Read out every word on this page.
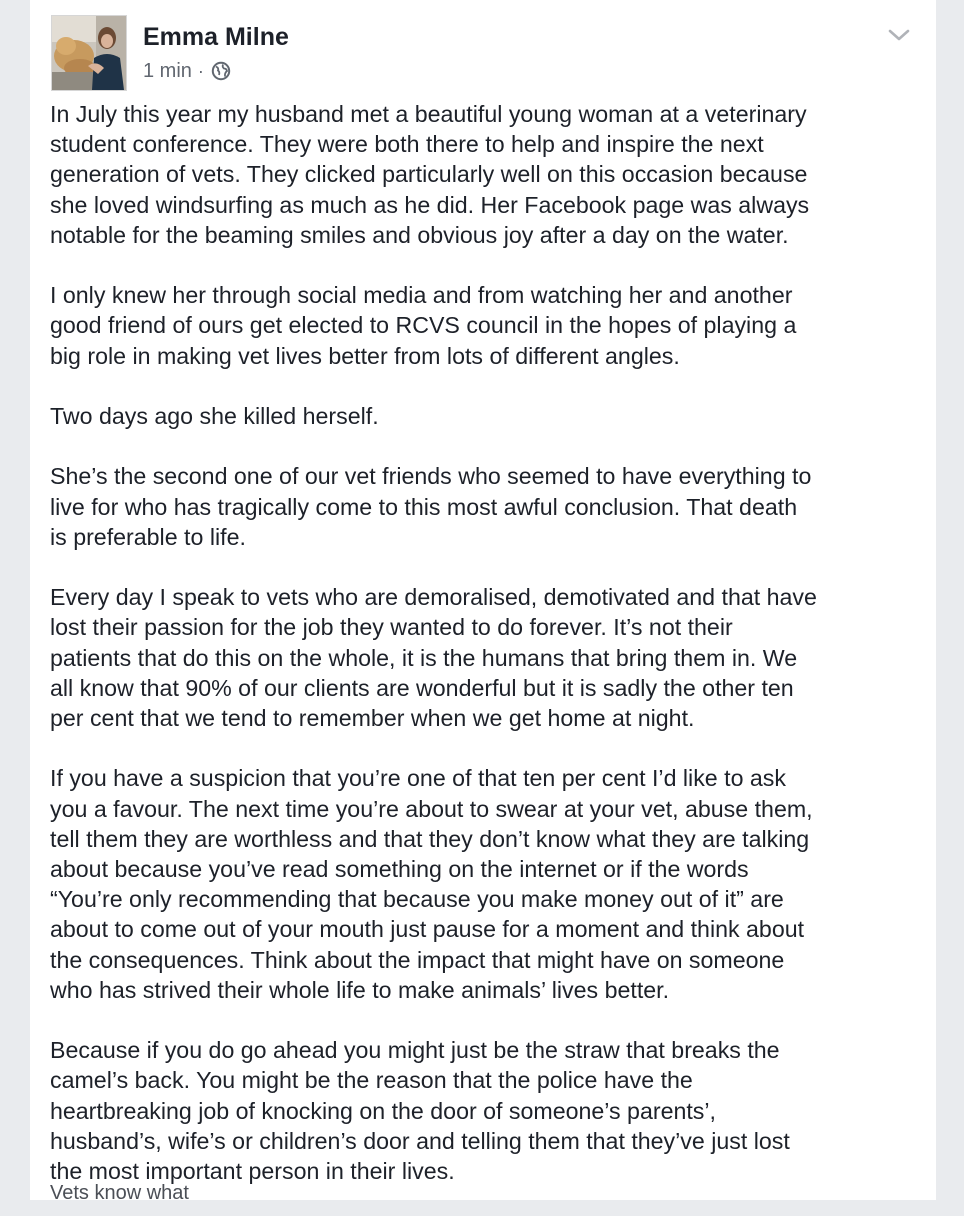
Emma Milne
1 min ·

In July this year my husband met a beautiful young woman at a veterinary
student conference. They were both there to help and inspire the next
generation of vets. They clicked particularly well on this occasion because
she loved windsurfing as much as he did. Her Facebook page was always
notable for the beaming smiles and obvious joy after a day on the water.

I only knew her through social media and from watching her and another
good friend of ours get elected to RCVS council in the hopes of playing a
big role in making vet lives better from lots of different angles.

Two days ago she killed herself.

She’s the second one of our vet friends who seemed to have everything to
live for who has tragically come to this most awful conclusion. That death
is preferable to life.

Every day I speak to vets who are demoralised, demotivated and that have
lost their passion for the job they wanted to do forever. It’s not their
patients that do this on the whole, it is the humans that bring them in. We
all know that 90% of our clients are wonderful but it is sadly the other ten
per cent that we tend to remember when we get home at night.

If you have a suspicion that you’re one of that ten per cent I’d like to ask
you a favour. The next time you’re about to swear at your vet, abuse them,
tell them they are worthless and that they don’t know what they are talking
about because you’ve read something on the internet or if the words
“You’re only recommending that because you make money out of it” are
about to come out of your mouth just pause for a moment and think about
the consequences. Think about the impact that might have on someone
who has strived their whole life to make animals’ lives better.

Because if you do go ahead you might just be the straw that breaks the
camel’s back. You might be the reason that the police have the
heartbreaking job of knocking on the door of someone’s parents’,
husband’s, wife’s or children’s door and telling them that they’ve just lost
the most important person in their lives.

Vets know what
